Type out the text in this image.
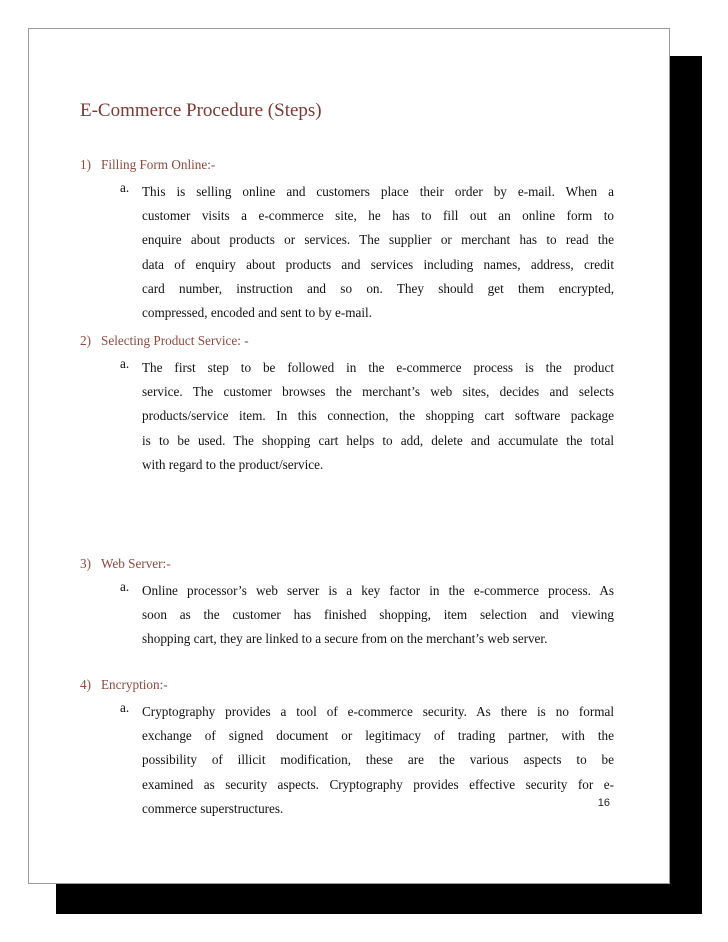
E-Commerce Procedure (Steps)
1) Filling Form Online:-
a. This is selling online and customers place their order by e-mail. When a
customer visits a e-commerce site, he has to fill out an online form to
enquire about products or services. The supplier or merchant has to read the
data of enquiry about products and services including names, address, credit
card number, instruction and so on. They should get them encrypted,
compressed, encoded and sent to by e-mail.
2) Selecting Product Service: -
a. The first step to be followed in the e-commerce process is the product
service. The customer browses the merchant’s web sites, decides and selects
products/service item. In this connection, the shopping cart software package
is to be used. The shopping cart helps to add, delete and accumulate the total
with regard to the product/service.
3) Web Server:-
a. Online processor’s web server is a key factor in the e-commerce process. As
soon as the customer has finished shopping, item selection and viewing
shopping cart, they are linked to a secure from on the merchant’s web server.
4) Encryption:-
a. Cryptography provides a tool of e-commerce security. As there is no formal
exchange of signed document or legitimacy of trading partner, with the
possibility of illicit modification, these are the various aspects to be
examined as security aspects. Cryptography provides effective security for e-
commerce superstructures.	16
